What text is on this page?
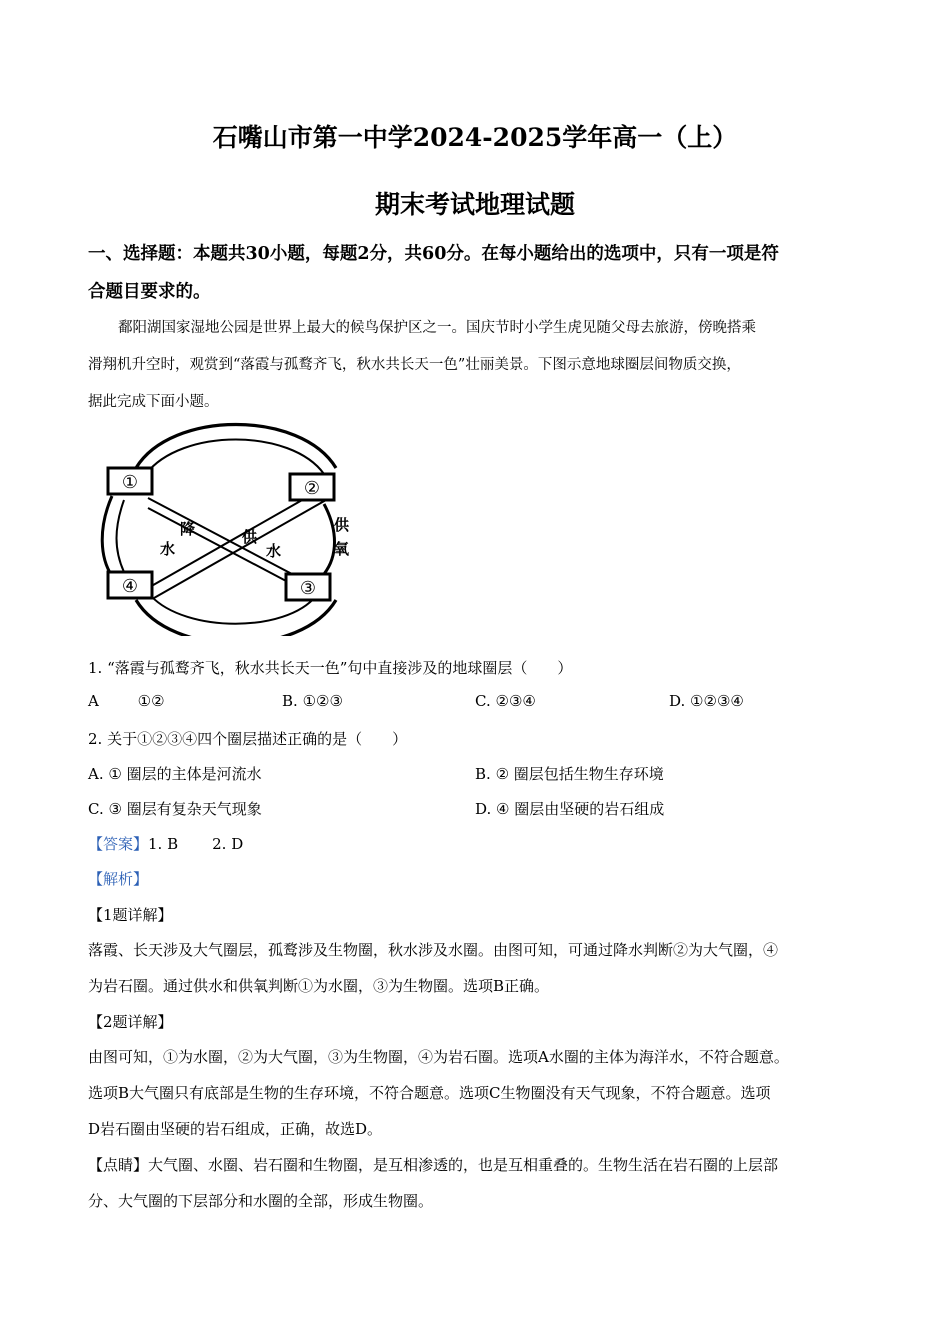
石嘴山市第一中学2024-2025学年高一（上）
期末考试地理试题
一、选择题：本题共30小题，每题2分，共60分。在每小题给出的选项中，只有一项是符
合题目要求的。
鄱阳湖国家湿地公园是世界上最大的候鸟保护区之一。国庆节时小学生虎见随父母去旅游，傍晚搭乘
滑翔机升空时，观赏到“落霞与孤鹜齐飞，秋水共长天一色”壮丽美景。下图示意地球圈层间物质交换，
据此完成下面小题。
①	②
③
④
降
水
供
水
供
氧
1. “落霞与孤鹜齐飞，秋水共长天一色”句中直接涉及的地球圈层（　　）
A	①②	B. ①②③	C. ②③④	D. ①②③④
2. 关于①②③④四个圈层描述正确的是（　　）
A. ① 圈层的主体是河流水	B. ② 圈层包括生物生存环境
C. ③ 圈层有复杂天气现象	D. ④ 圈层由坚硬的岩石组成
【答案】1. B 2. D
【解析】
【1题详解】
落霞、长天涉及大气圈层，孤鹜涉及生物圈，秋水涉及水圈。由图可知，可通过降水判断②为大气圈，④
为岩石圈。通过供水和供氧判断①为水圈，③为生物圈。选项B正确。
【2题详解】
由图可知，①为水圈，②为大气圈，③为生物圈，④为岩石圈。选项A水圈的主体为海洋水，不符合题意。
选项B大气圈只有底部是生物的生存环境，不符合题意。选项C生物圈没有天气现象，不符合题意。选项
D岩石圈由坚硬的岩石组成，正确，故选D。
【点睛】大气圈、水圈、岩石圈和生物圈，是互相渗透的，也是互相重叠的。生物生活在岩石圈的上层部
分、大气圈的下层部分和水圈的全部，形成生物圈。
